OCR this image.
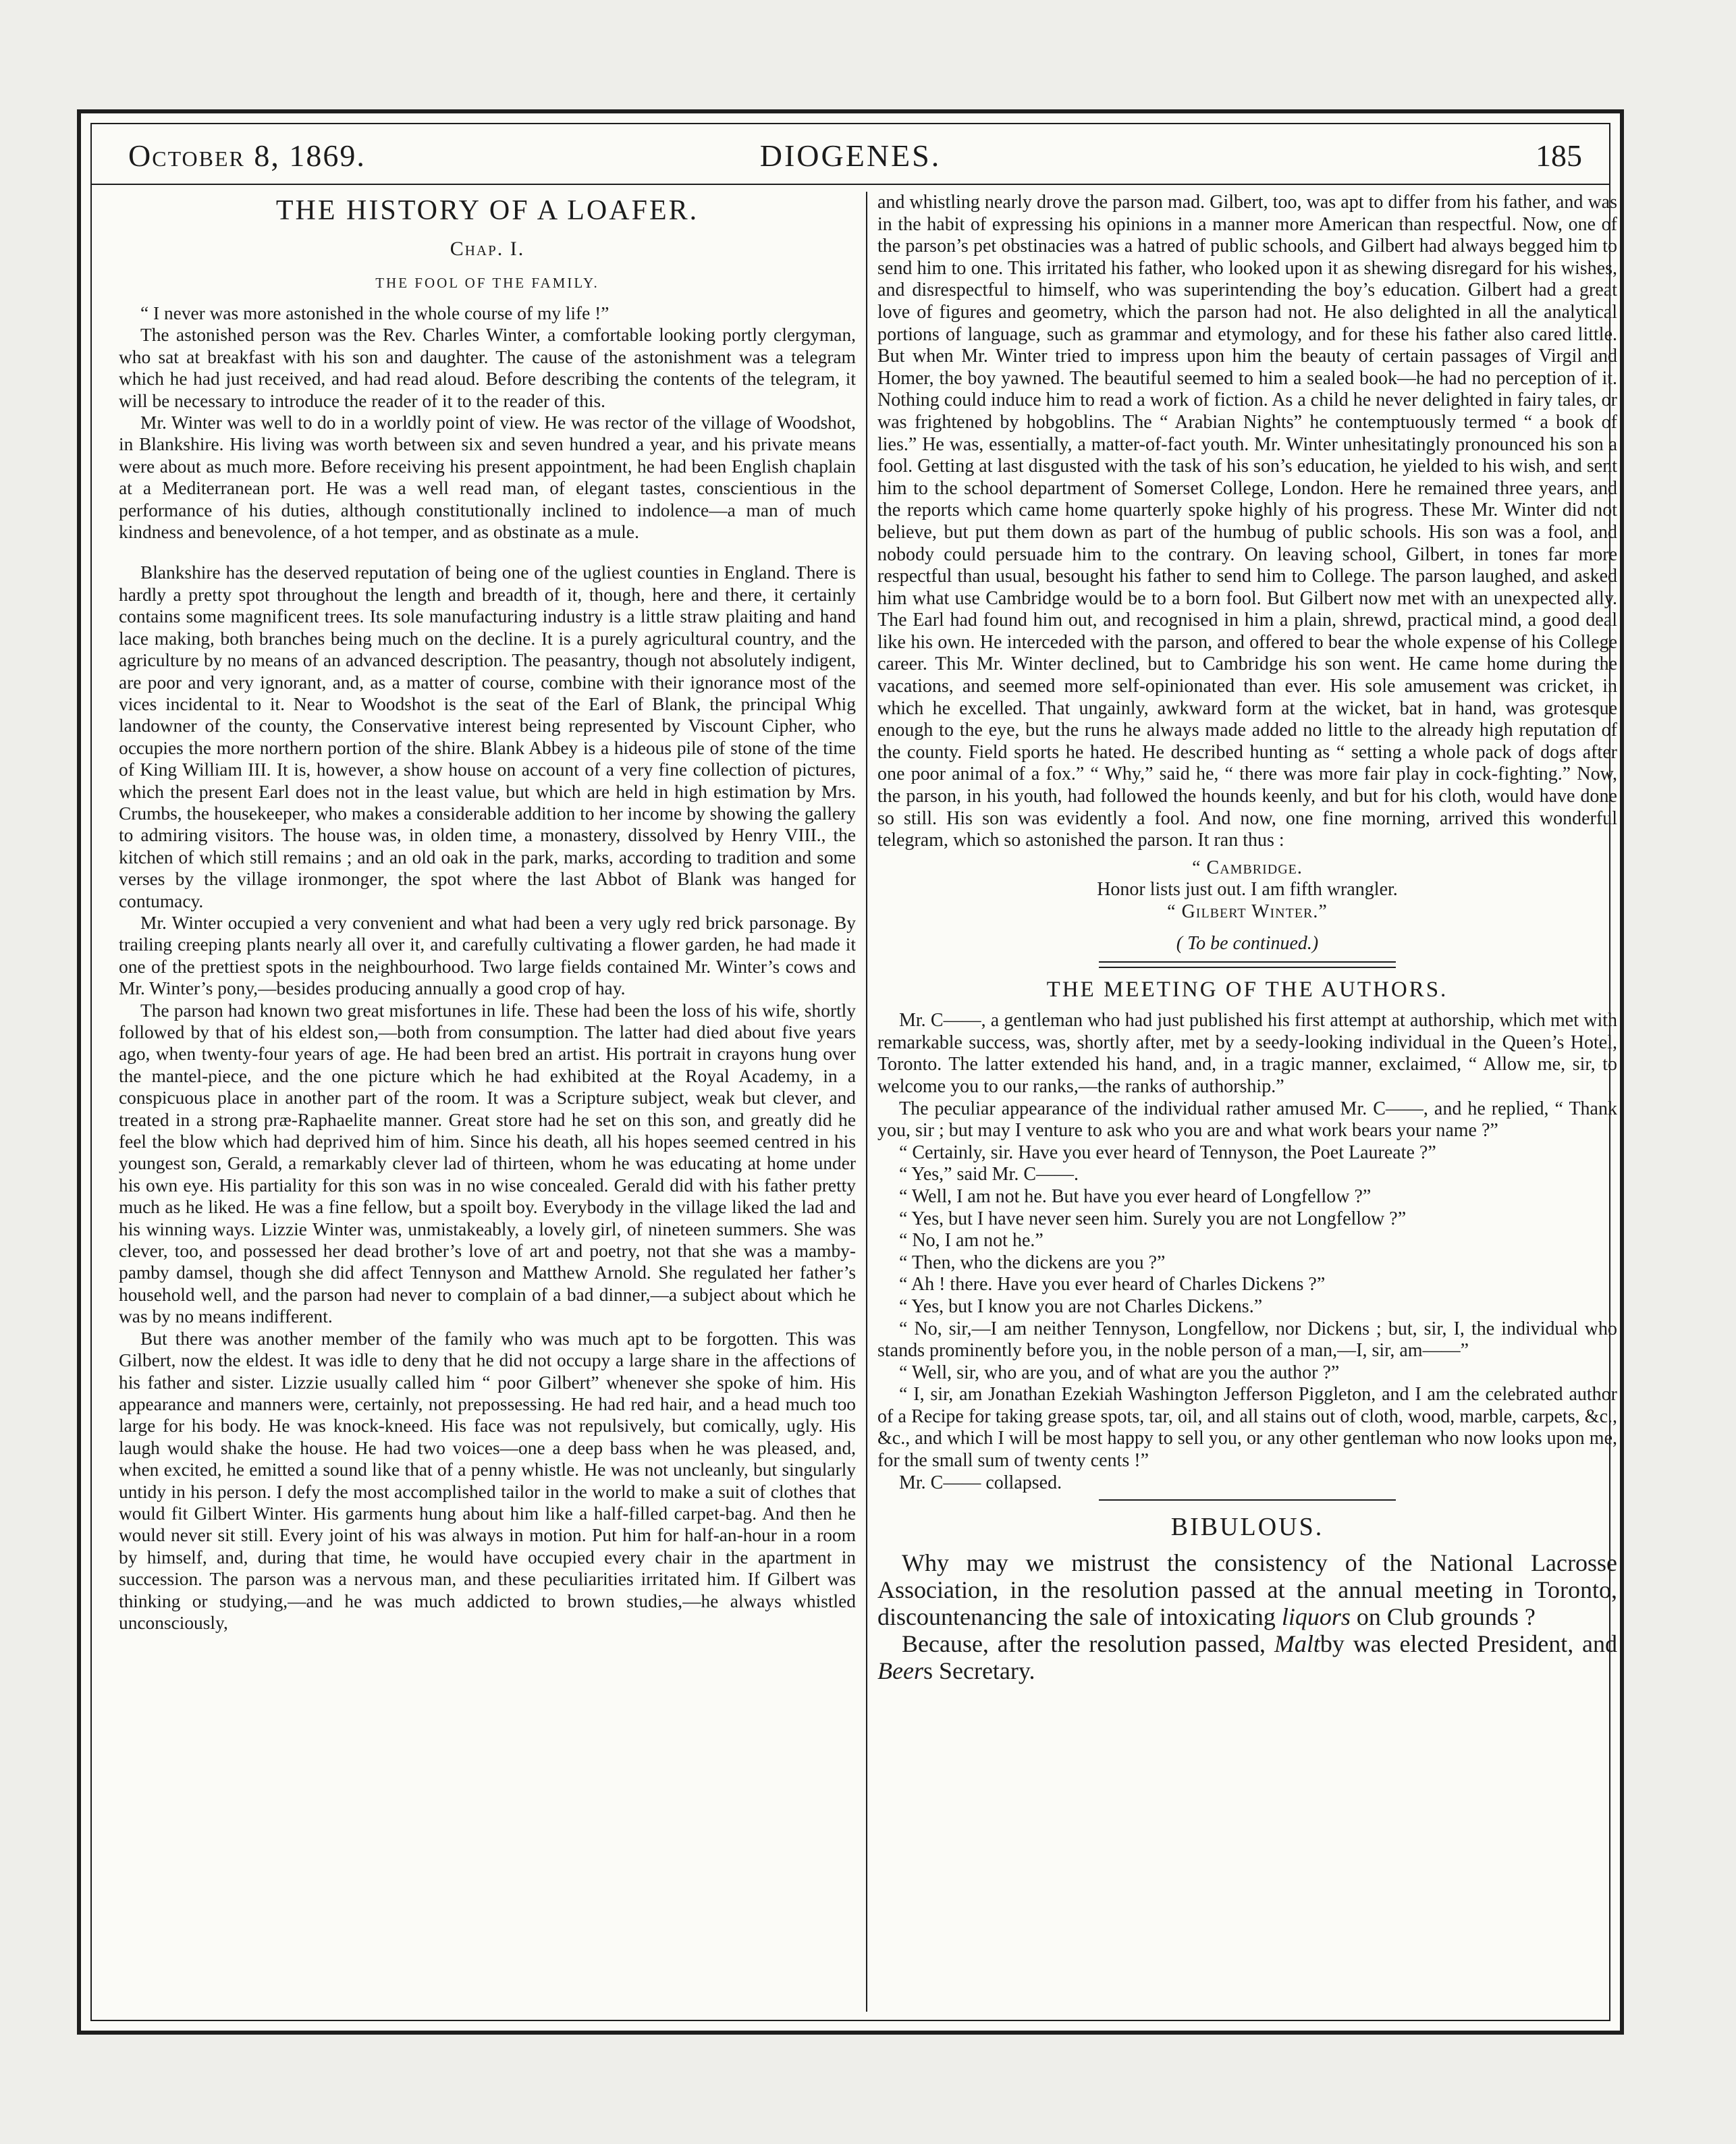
October 8, 1869.	DIOGENES.	185
THE HISTORY OF A LOAFER.
Chap. I.
THE FOOL OF THE FAMILY.

“ I never was more astonished in the whole course of my life !”

The astonished person was the Rev. Charles Winter, a comfortable looking portly clergyman, who sat at breakfast with his son and daughter. The cause of the astonishment was a telegram which he had just received, and had read aloud. Before describing the contents of the telegram, it will be necessary to introduce the reader of it to the reader of this.

Mr. Winter was well to do in a worldly point of view. He was rector of the village of Woodshot, in Blankshire. His living was worth between six and seven hundred a year, and his private means were about as much more. Before receiving his present appointment, he had been English chaplain at a Mediterranean port. He was a well read man, of elegant tastes, conscientious in the performance of his duties, although constitutionally inclined to indolence—a man of much kindness and benevolence, of a hot temper, and as obstinate as a mule.

Blankshire has the deserved reputation of being one of the ugliest counties in England. There is hardly a pretty spot throughout the length and breadth of it, though, here and there, it certainly contains some magnificent trees. Its sole manufacturing industry is a little straw plaiting and hand lace making, both branches being much on the decline. It is a purely agricultural country, and the agriculture by no means of an advanced description. The peasantry, though not absolutely indigent, are poor and very ignorant, and, as a matter of course, combine with their ignorance most of the vices incidental to it. Near to Woodshot is the seat of the Earl of Blank, the principal Whig landowner of the county, the Conservative interest being represented by Viscount Cipher, who occupies the more northern portion of the shire. Blank Abbey is a hideous pile of stone of the time of King William III. It is, however, a show house on account of a very fine collection of pictures, which the present Earl does not in the least value, but which are held in high estimation by Mrs. Crumbs, the housekeeper, who makes a considerable addition to her income by showing the gallery to admiring visitors. The house was, in olden time, a monastery, dissolved by Henry VIII., the kitchen of which still remains ; and an old oak in the park, marks, according to tradition and some verses by the village ironmonger, the spot where the last Abbot of Blank was hanged for contumacy.

Mr. Winter occupied a very convenient and what had been a very ugly red brick parsonage. By trailing creeping plants nearly all over it, and carefully cultivating a flower garden, he had made it one of the prettiest spots in the neighbourhood. Two large fields contained Mr. Winter’s cows and Mr. Winter’s pony,—besides producing annually a good crop of hay.

The parson had known two great misfortunes in life. These had been the loss of his wife, shortly followed by that of his eldest son,—both from consumption. The latter had died about five years ago, when twenty-four years of age. He had been bred an artist. His portrait in crayons hung over the mantel-piece, and the one picture which he had exhibited at the Royal Academy, in a conspicuous place in another part of the room. It was a Scripture subject, weak but clever, and treated in a strong præ-Raphaelite manner. Great store had he set on this son, and greatly did he feel the blow which had deprived him of him. Since his death, all his hopes seemed centred in his youngest son, Gerald, a remarkably clever lad of thirteen, whom he was educating at home under his own eye. His partiality for this son was in no wise concealed. Gerald did with his father pretty much as he liked. He was a fine fellow, but a spoilt boy. Everybody in the village liked the lad and his winning ways. Lizzie Winter was, unmistakeably, a lovely girl, of nineteen summers. She was clever, too, and possessed her dead brother’s love of art and poetry, not that she was a mamby-pamby damsel, though she did affect Tennyson and Matthew Arnold. She regulated her father’s household well, and the parson had never to complain of a bad dinner,—a subject about which he was by no means indifferent.

But there was another member of the family who was much apt to be forgotten. This was Gilbert, now the eldest. It was idle to deny that he did not occupy a large share in the affections of his father and sister. Lizzie usually called him “ poor Gilbert” whenever she spoke of him. His appearance and manners were, certainly, not prepossessing. He had red hair, and a head much too large for his body. He was knock-kneed. His face was not repulsively, but comically, ugly. His laugh would shake the house. He had two voices—one a deep bass when he was pleased, and, when excited, he emitted a sound like that of a penny whistle. He was not uncleanly, but singularly untidy in his person. I defy the most accomplished tailor in the world to make a suit of clothes that would fit Gilbert Winter. His garments hung about him like a half-filled carpet-bag. And then he would never sit still. Every joint of his was always in motion. Put him for half-an-hour in a room by himself, and, during that time, he would have occupied every chair in the apartment in succession. The parson was a nervous man, and these peculiarities irritated him. If Gilbert was thinking or studying,—and he was much addicted to brown studies,—he always whistled unconsciously,

and whistling nearly drove the parson mad. Gilbert, too, was apt to differ from his father, and was in the habit of expressing his opinions in a manner more American than respectful. Now, one of the parson’s pet obstinacies was a hatred of public schools, and Gilbert had always begged him to send him to one. This irritated his father, who looked upon it as shewing disregard for his wishes, and disrespectful to himself, who was superintending the boy’s education. Gilbert had a great love of figures and geometry, which the parson had not. He also delighted in all the analytical portions of language, such as grammar and etymology, and for these his father also cared little. But when Mr. Winter tried to impress upon him the beauty of certain passages of Virgil and Homer, the boy yawned. The beautiful seemed to him a sealed book—he had no perception of it. Nothing could induce him to read a work of fiction. As a child he never delighted in fairy tales, or was frightened by hobgoblins. The “ Arabian Nights” he contemptuously termed “ a book of lies.” He was, essentially, a matter-of-fact youth. Mr. Winter unhesitatingly pronounced his son a fool. Getting at last disgusted with the task of his son’s education, he yielded to his wish, and sent him to the school department of Somerset College, London. Here he remained three years, and the reports which came home quarterly spoke highly of his progress. These Mr. Winter did not believe, but put them down as part of the humbug of public schools. His son was a fool, and nobody could persuade him to the contrary. On leaving school, Gilbert, in tones far more respectful than usual, besought his father to send him to College. The parson laughed, and asked him what use Cambridge would be to a born fool. But Gilbert now met with an unexpected ally. The Earl had found him out, and recognised in him a plain, shrewd, practical mind, a good deal like his own. He interceded with the parson, and offered to bear the whole expense of his College career. This Mr. Winter declined, but to Cambridge his son went. He came home during the vacations, and seemed more self-opinionated than ever. His sole amusement was cricket, in which he excelled. That ungainly, awkward form at the wicket, bat in hand, was grotesque enough to the eye, but the runs he always made added no little to the already high reputation of the county. Field sports he hated. He described hunting as “ setting a whole pack of dogs after one poor animal of a fox.” “ Why,” said he, “ there was more fair play in cock-fighting.” Now, the parson, in his youth, had followed the hounds keenly, and but for his cloth, would have done so still. His son was evidently a fool. And now, one fine morning, arrived this wonderful telegram, which so astonished the parson. It ran thus :

“ Cambridge.
Honor lists just out. I am fifth wrangler.
“ Gilbert Winter.”
( To be continued.)
THE MEETING OF THE AUTHORS.

Mr. C——, a gentleman who had just published his first attempt at authorship, which met with remarkable success, was, shortly after, met by a seedy-looking individual in the Queen’s Hotel, Toronto. The latter extended his hand, and, in a tragic manner, exclaimed, “ Allow me, sir, to welcome you to our ranks,—the ranks of authorship.”

The peculiar appearance of the individual rather amused Mr. C——, and he replied, “ Thank you, sir ; but may I venture to ask who you are and what work bears your name ?”

“ Certainly, sir. Have you ever heard of Tennyson, the Poet Laureate ?”

“ Yes,” said Mr. C——.

“ Well, I am not he. But have you ever heard of Longfellow ?”

“ Yes, but I have never seen him. Surely you are not Longfellow ?”

“ No, I am not he.”

“ Then, who the dickens are you ?”

“ Ah ! there. Have you ever heard of Charles Dickens ?”

“ Yes, but I know you are not Charles Dickens.”

“ No, sir,—I am neither Tennyson, Longfellow, nor Dickens ; but, sir, I, the individual who stands prominently before you, in the noble person of a man,—I, sir, am——”

“ Well, sir, who are you, and of what are you the author ?”

“ I, sir, am Jonathan Ezekiah Washington Jefferson Piggleton, and I am the celebrated author of a Recipe for taking grease spots, tar, oil, and all stains out of cloth, wood, marble, carpets, &c., &c., and which I will be most happy to sell you, or any other gentleman who now looks upon me, for the small sum of twenty cents !”

Mr. C—— collapsed.

BIBULOUS.

Why may we mistrust the consistency of the National Lacrosse Association, in the resolution passed at the annual meeting in Toronto, discountenancing the sale of intoxicating liquors on Club grounds ?

Because, after the resolution passed, Maltby was elected President, and Beers Secretary.
